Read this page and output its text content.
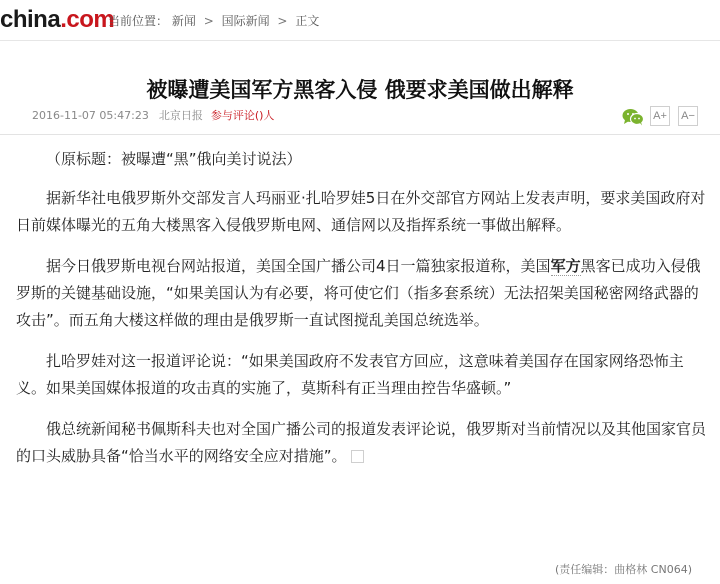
china.com
当前位置： 新闻 > 国际新闻 > 正文
被曝遭美国军方黑客入侵 俄要求美国做出解释
2016-11-07 05:47:23 北京日报 参与评论()人	A+ A−

（原标题：被曝遭“黑”俄向美讨说法）

据新华社电俄罗斯外交部发言人玛丽亚·扎哈罗娃5日在外交部官方网站上发表声明，要求美国政府对日前媒体曝光的五角大楼黑客入侵俄罗斯电网、通信网以及指挥系统一事做出解释。

据今日俄罗斯电视台网站报道，美国全国广播公司4日一篇独家报道称，美国军方黑客已成功入侵俄罗斯的关键基础设施，“如果美国认为有必要，将可使它们（指多套系统）无法招架美国秘密网络武器的攻击”。而五角大楼这样做的理由是俄罗斯一直试图搅乱美国总统选举。

扎哈罗娃对这一报道评论说：“如果美国政府不发表官方回应，这意味着美国存在国家网络恐怖主义。如果美国媒体报道的攻击真的实施了，莫斯科有正当理由控告华盛顿。”

俄总统新闻秘书佩斯科夫也对全国广播公司的报道发表评论说，俄罗斯对当前情况以及其他国家官员的口头威胁具备“恰当水平的网络安全应对措施”。

(责任编辑：曲格林 CN064)
